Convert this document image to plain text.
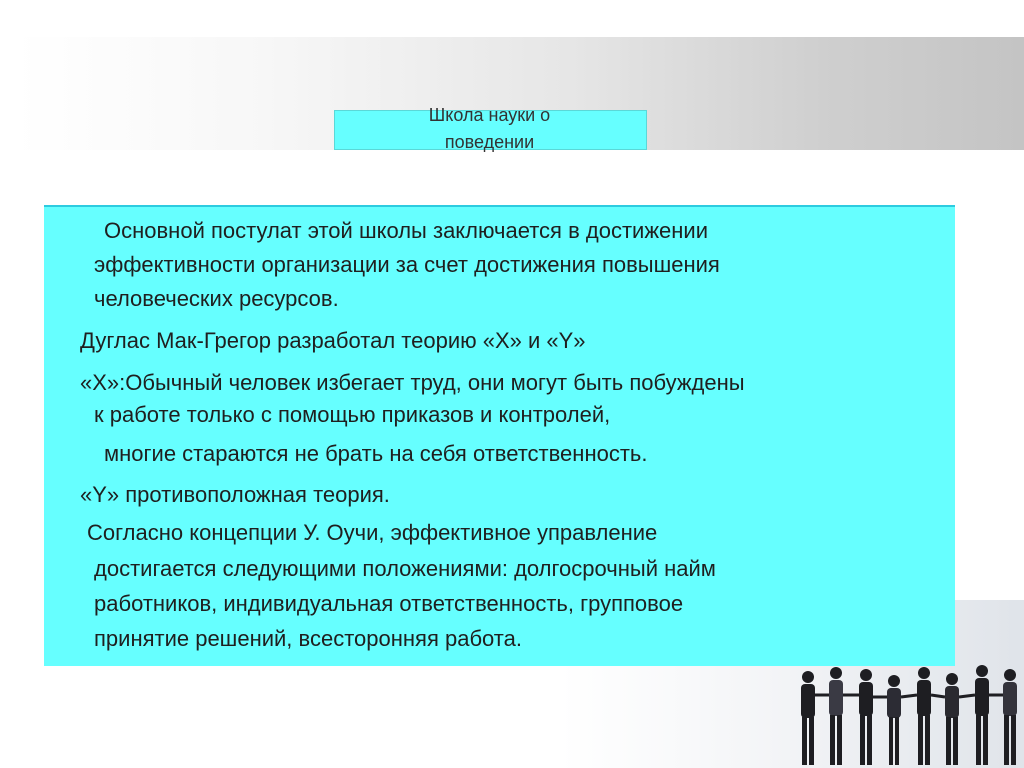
Школа науки о
поведении

Основной постулат этой школы заключается в достижении

эффективности организации за счет достижения повышения

человеческих ресурсов.

Дуглас Мак-Грегор разработал теорию «X» и «Y»

«X»:Обычный человек избегает труд, они могут быть побуждены

к работе только с помощью приказов и контролей,

многие стараются не брать на себя ответственность.

«Y» противоположная теория.

Согласно концепции У. Оучи, эффективное управление

достигается следующими положениями: долгосрочный найм

работников, индивидуальная ответственность, групповое

принятие решений, всесторонняя работа.
